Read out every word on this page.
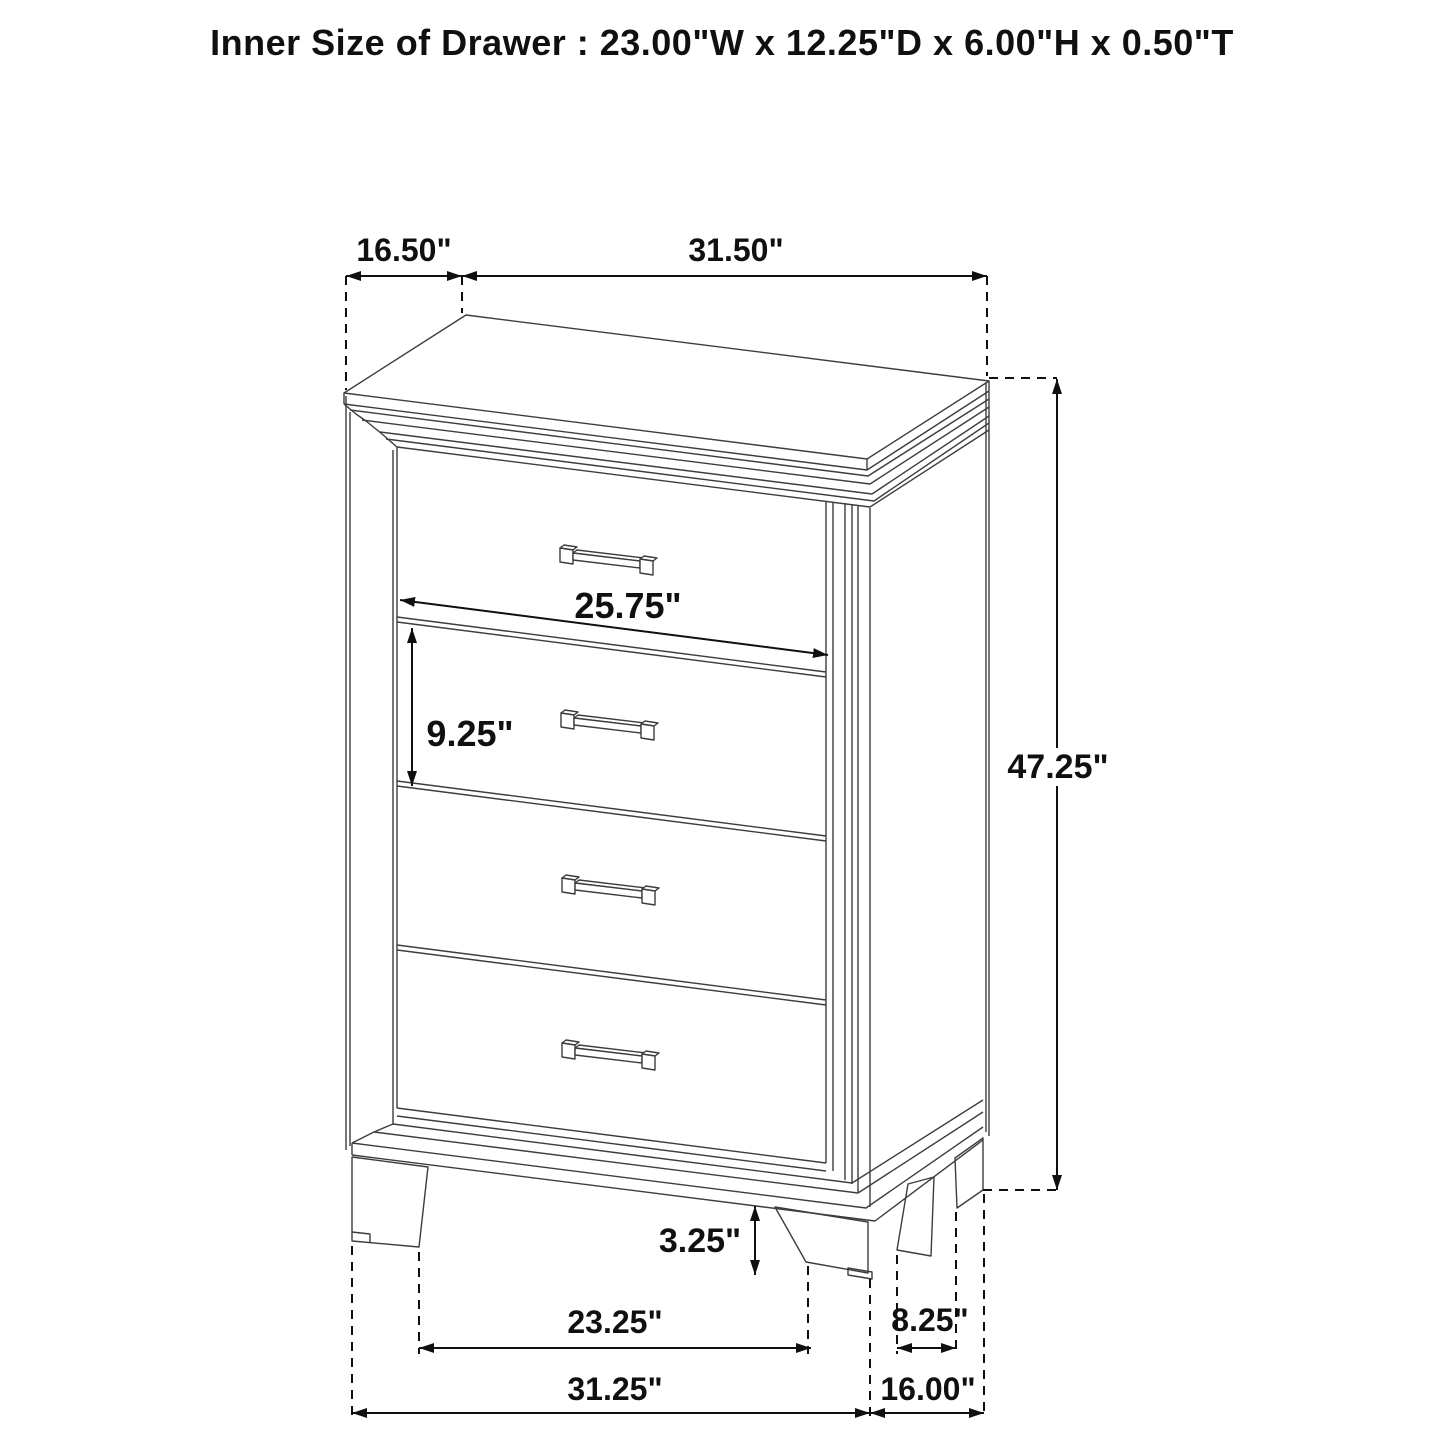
Inner Size of Drawer : 23.00"W x 12.25"D x 6.00"H x 0.50"T
16.50"	31.50"
47.25"
25.75"
9.25"
3.25"
23.25"	8.25"
31.25"	16.00"
